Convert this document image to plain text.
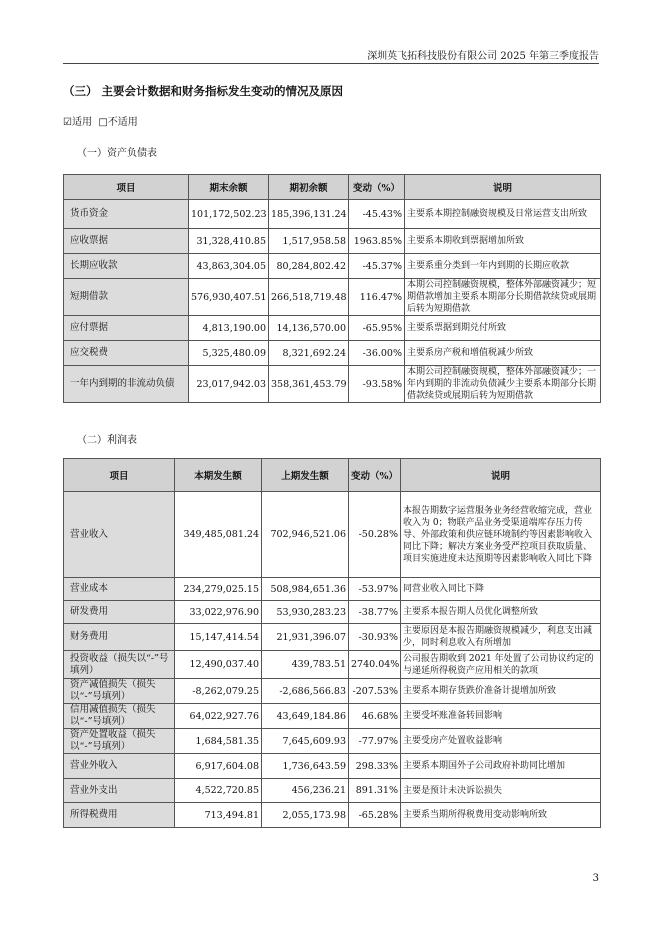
深圳英飞拓科技股份有限公司 2025 年第三季度报告
（三） 主要会计数据和财务指标发生变动的情况及原因
☑适用 □不适用
（一）资产负债表
项目	期末余额	期初余额	变动（%）	说明
货币资金	101,172,502.23	185,396,131.24	-45.43%	主要系本期控制融资规模及日常运营支出所致
应收票据	31,328,410.85	1,517,958.58	1963.85%	主要系本期收到票据增加所致
长期应收款	43,863,304.05	80,284,802.42	-45.37%	主要系重分类到一年内到期的长期应收款
短期借款	576,930,407.51	266,518,719.48	116.47%	本期公司控制融资规模，整体外部融资减少；短期借款增加主要系本期部分长期借款续贷或展期后转为短期借款
应付票据	4,813,190.00	14,136,570.00	-65.95%	主要系票据到期兑付所致
应交税费	5,325,480.09	8,321,692.24	-36.00%	主要系房产税和增值税减少所致
一年内到期的非流动负债	23,017,942.03	358,361,453.79	-93.58%	本期公司控制融资规模，整体外部融资减少；一年内到期的非流动负债减少主要系本期部分长期借款续贷或展期后转为短期借款
（二）利润表
项目	本期发生额	上期发生额	变动（%）	说明
营业收入	349,485,081.24	702,946,521.06	-50.28%	本报告期数字运营服务业务经营收缩完成，营业收入为 0；物联产品业务受渠道端库存压力传导、外部政策和供应链环境制约等因素影响收入同比下降；解决方案业务受严控项目获取质量、项目实施进度未达预期等因素影响收入同比下降
营业成本	234,279,025.15	508,984,651.36	-53.97%	同营业收入同比下降
研发费用	33,022,976.90	53,930,283.23	-38.77%	主要系本报告期人员优化调整所致
财务费用	15,147,414.54	21,931,396.07	-30.93%	主要原因是本报告期融资规模减少，利息支出减少，同时利息收入有所增加
投资收益（损失以“-”号填列）	12,490,037.40	439,783.51	2740.04%	公司报告期收到 2021 年处置了公司协议约定的与递延所得税资产应用相关的款项
资产减值损失（损失以“-”号填列）	-8,262,079.25	-2,686,566.83	-207.53%	主要系本期存货跌价准备计提增加所致
信用减值损失（损失以“-”号填列）	64,022,927.76	43,649,184.86	46.68%	主要受坏账准备转回影响
资产处置收益（损失以“-”号填列）	1,684,581.35	7,645,609.93	-77.97%	主要受房产处置收益影响
营业外收入	6,917,604.08	1,736,643.59	298.33%	主要系本期国外子公司政府补助同比增加
营业外支出	4,522,720.85	456,236.21	891.31%	主要是预计未决诉讼损失
所得税费用	713,494.81	2,055,173.98	-65.28%	主要系当期所得税费用变动影响所致
3
